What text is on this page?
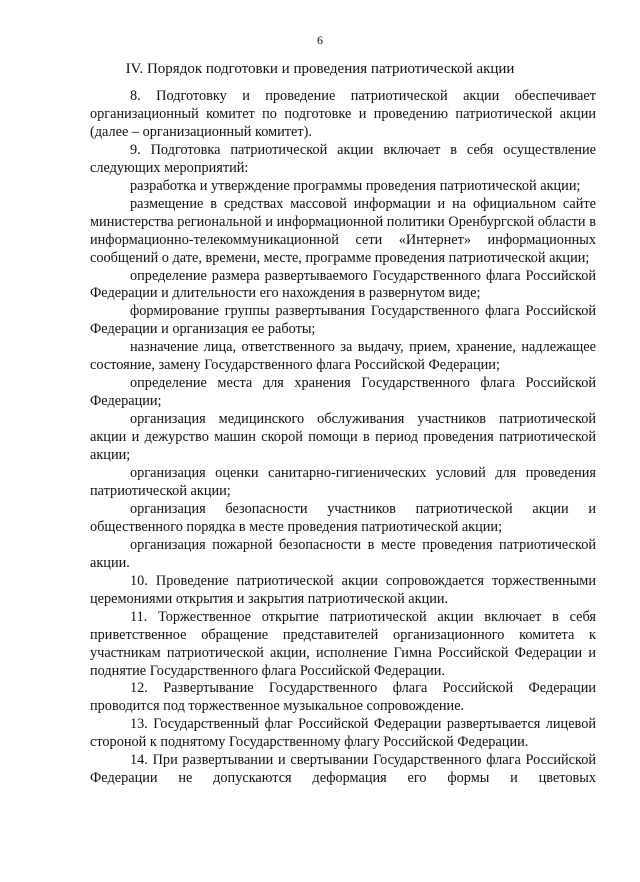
6
IV. Порядок подготовки и проведения патриотической акции

8. Подготовку и проведение патриотической акции обеспечивает организационный комитет по подготовке и проведению патриотической акции (далее – организационный комитет).

9. Подготовка патриотической акции включает в себя осуществление следующих мероприятий:

разработка и утверждение программы проведения патриотической акции;

размещение в средствах массовой информации и на официальном сайте министерства региональной и информационной политики Оренбургской области в информационно-телекоммуникационной сети «Интернет» информационных сообщений о дате, времени, месте, программе проведения патриотической акции;

определение размера развертываемого Государственного флага Российской Федерации и длительности его нахождения в развернутом виде;

формирование группы развертывания Государственного флага Российской Федерации и организация ее работы;

назначение лица, ответственного за выдачу, прием, хранение, надлежащее состояние, замену Государственного флага Российской Федерации;

определение места для хранения Государственного флага Российской Федерации;

организация медицинского обслуживания участников патриотической акции и дежурство машин скорой помощи в период проведения патриотической акции;

организация оценки санитарно-гигиенических условий для проведения патриотической акции;

организация безопасности участников патриотической акции и общественного порядка в месте проведения патриотической акции;

организация пожарной безопасности в месте проведения патриотической акции.

10. Проведение патриотической акции сопровождается торжественными церемониями открытия и закрытия патриотической акции.

11. Торжественное открытие патриотической акции включает в себя приветственное обращение представителей организационного комитета к участникам патриотической акции, исполнение Гимна Российской Федерации и поднятие Государственного флага Российской Федерации.

12. Развертывание Государственного флага Российской Федерации проводится под торжественное музыкальное сопровождение.

13. Государственный флаг Российской Федерации развертывается лицевой стороной к поднятому Государственному флагу Российской Федерации.

14. При развертывании и свертывании Государственного флага Российской Федерации не допускаются деформация его формы и цветовых
